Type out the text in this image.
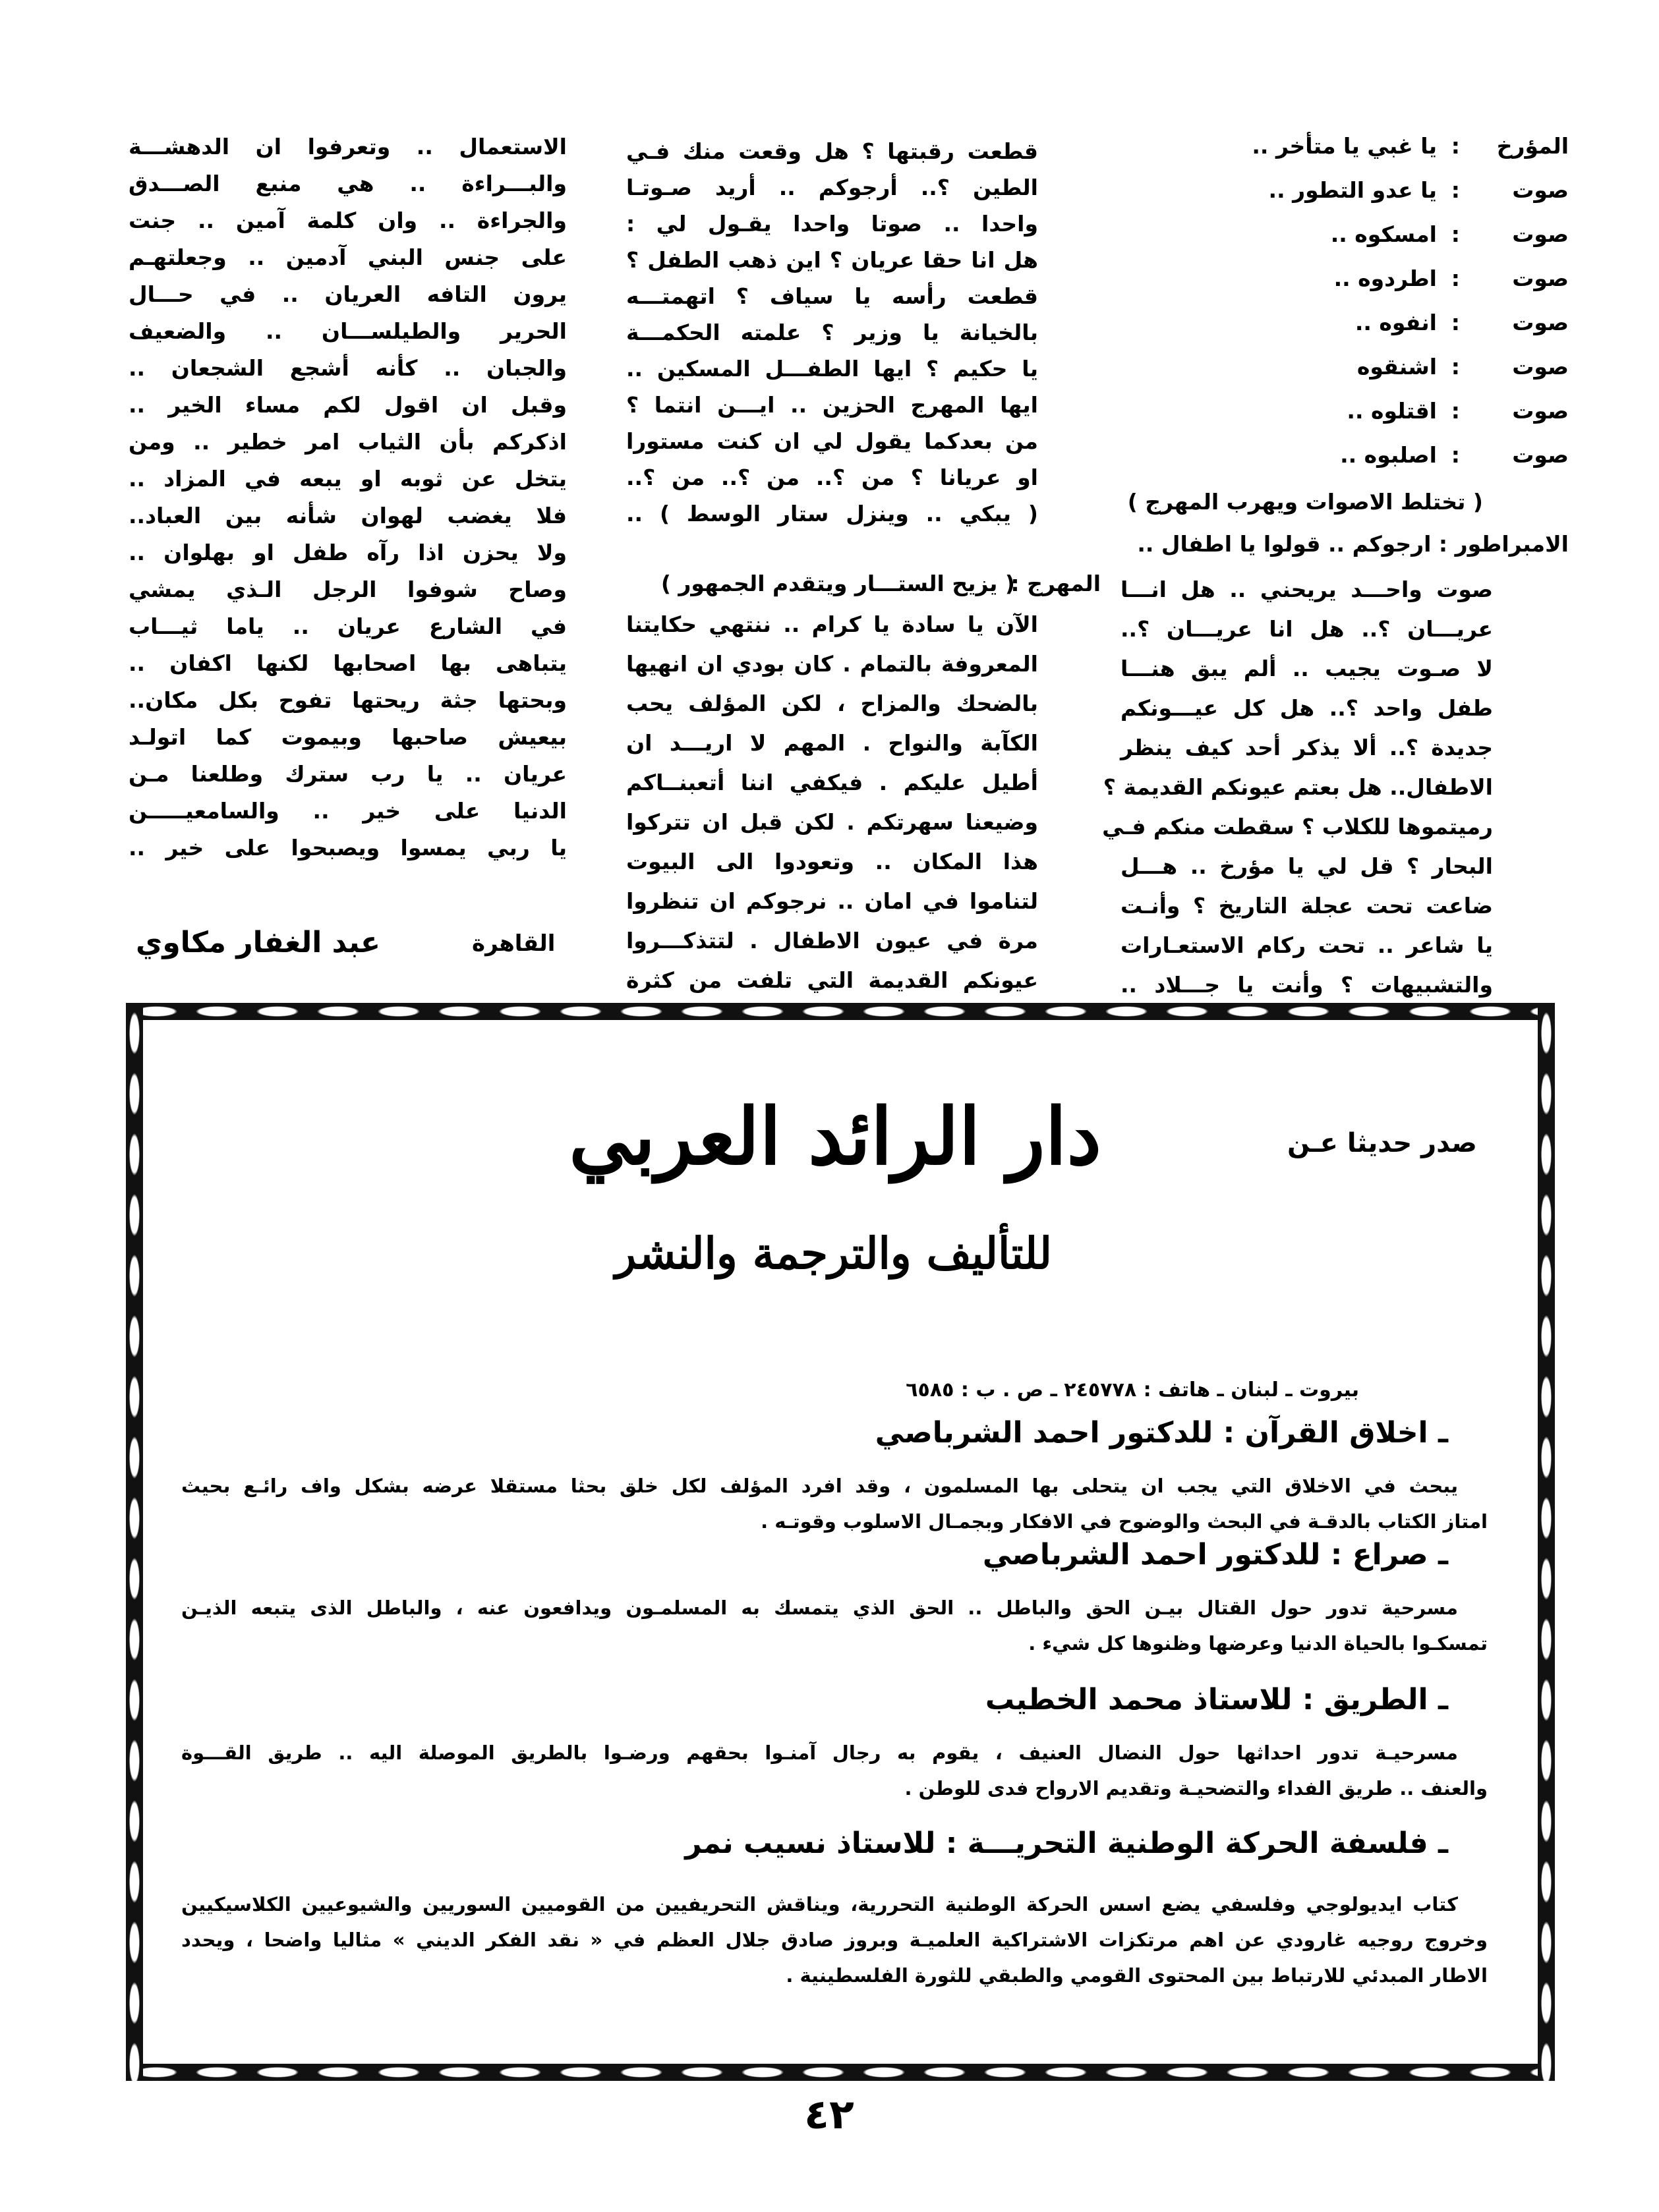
المؤرخ
:
يا غبي يا متأخر ..
صوت
:
يا عدو التطور ..
صوت
:
امسكوه ..
صوت
:
اطردوه ..
صوت
:
انفوه ..
صوت
:
اشنقوه
صوت
:
اقتلوه ..
صوت
:
اصلبوه ..
( تختلط الاصوات ويهرب المهرج )
الامبراطور : ارجوكم .. قولوا يا اطفال ..
صوت واحـــد يريحني .. هل انـــا
عريـــان ؟.. هل انا عريـــان ؟..
لا صـوت يجيب .. ألم يبق هنـــا
طفل واحد ؟.. هل كل عيـــونكم
جديدة ؟.. ألا يذكر أحد كيف ينظر
الاطفال.. هل بعتم عيونكم القديمة ؟
رميتموها للكلاب ؟ سقطت منكم فـي
البحار ؟ قل لي يا مؤرخ .. هـــل
ضاعت تحت عجلة التاريخ ؟ وأنـت
يا شاعر .. تحت ركام الاستعـارات
والتشبيهات ؟ وأنت يا جـــلاد ..
قطعت رقبتها ؟ هل وقعت منك فـي
الطين ؟.. أرجوكم .. أريد صـوتـا
واحدا .. صوتا واحدا يقـول لي :
هل انا حقا عريان ؟ اين ذهب الطفل ؟
قطعت رأسه يا سياف ؟ اتهمتـــه
بالخيانة يا وزير ؟ علمته الحكمـــة
يا حكيم ؟ ايها الطفـــل المسكين ..
ايها المهرج الحزين .. ايـــن انتما ؟
من بعدكما يقول لي ان كنت مستورا
او عريانا ؟ من ؟.. من ؟.. من ؟..
( يبكي .. وينزل ستار الوسط ) ..
المهرج :
( يزيح الستـــار ويتقدم الجمهور )
الآن يا سادة يا كرام .. ننتهي حكايتنا
المعروفة بالتمام . كان بودي ان انهيها
بالضحك والمزاح ، لكن المؤلف يحب
الكآبة والنواح . المهم لا اريـــد ان
أطيل عليكم . فيكفي اننا أتعبنــاكم
وضيعنا سهرتكم . لكن قبل ان تتركوا
هذا المكان .. وتعودوا الى البيوت
لتناموا في امان .. نرجوكم ان تنظروا
مرة في عيون الاطفال . لتتذكـــروا
عيونكم القديمة التي تلفت من كثرة
الاستعمال .. وتعرفوا ان الدهشـــة
والبـــراءة .. هي منبع الصـــدق
والجراءة .. وان كلمة آمين .. جنت
على جنس البني آدمين .. وجعلتهـم
يرون التافه العريان .. في حـــال
الحرير والطيلســـان .. والضعيف
والجبان .. كأنه أشجع الشجعان ..
وقبل ان اقول لكم مساء الخير ..
اذكركم بأن الثياب امر خطير .. ومن
يتخل عن ثوبه او يبعه في المزاد ..
فلا يغضب لهوان شأنه بين العباد..
ولا يحزن اذا رآه طفل او بهلوان ..
وصاح شوفوا الرجل الـذي يمشي
في الشارع عريان .. ياما ثيـــاب
يتباهى بها اصحابها لكنها اكفان ..
وبحتها جثة ريحتها تفوح بكل مكان..
بيعيش صاحبها وبيموت كما اتولـد
عريان .. يا رب سترك وطلعنا مـن
الدنيا على خير .. والسامعيـــــن
يا ربي يمسوا ويصبحوا على خير ..
القاهرة
عبد الغفار مكاوي
صدر حديثا عـن
دار الرائد العربي
للتأليف والترجمة والنشر
بيروت ـ لبنان ـ هاتف : ٢٤٥٧٧٨ ـ ص . ب : ٦٥٨٥
ـ اخلاق القرآن : للدكتور احمد الشرباصي
يبحث في الاخلاق التي يجب ان يتحلى بها المسلمون ، وقد افرد المؤلف لكل خلق بحثا مستقلا عرضه بشكل واف رائـع بحيث
امتاز الكتاب بالدقـة في البحث والوضوح في الافكار وبجمـال الاسلوب وقوتـه .
ـ صراع : للدكتور احمد الشرباصي
مسرحية تدور حول القتال بيـن الحق والباطل .. الحق الذي يتمسك به المسلمـون ويدافعون عنه ، والباطل الذى يتبعه الذيـن
تمسكـوا بالحياة الدنيا وعرضها وظنوها كل شيء .
ـ الطريق : للاستاذ محمد الخطيب
مسرحيـة تدور احداثها حول النضال العنيف ، يقوم به رجال آمنـوا بحقهم ورضـوا بالطريق الموصلة اليه .. طريق القـــوة
والعنف .. طريق الفداء والتضحيـة وتقديم الارواح فدى للوطن .
ـ فلسفة الحركة الوطنية التحريـــة : للاستاذ نسيب نمر
كتاب ايديولوجي وفلسفي يضع اسس الحركة الوطنية التحررية، ويناقش التحريفيين من القوميين السوريين والشيوعيين الكلاسيكيين
وخروج روجيه غارودي عن اهم مرتكزات الاشتراكية العلميـة وبروز صادق جلال العظم في « نقد الفكر الديني » مثاليا واضحا ، ويحدد
الاطار المبدئي للارتباط بين المحتوى القومي والطبقي للثورة الفلسطينية .
٤٢
